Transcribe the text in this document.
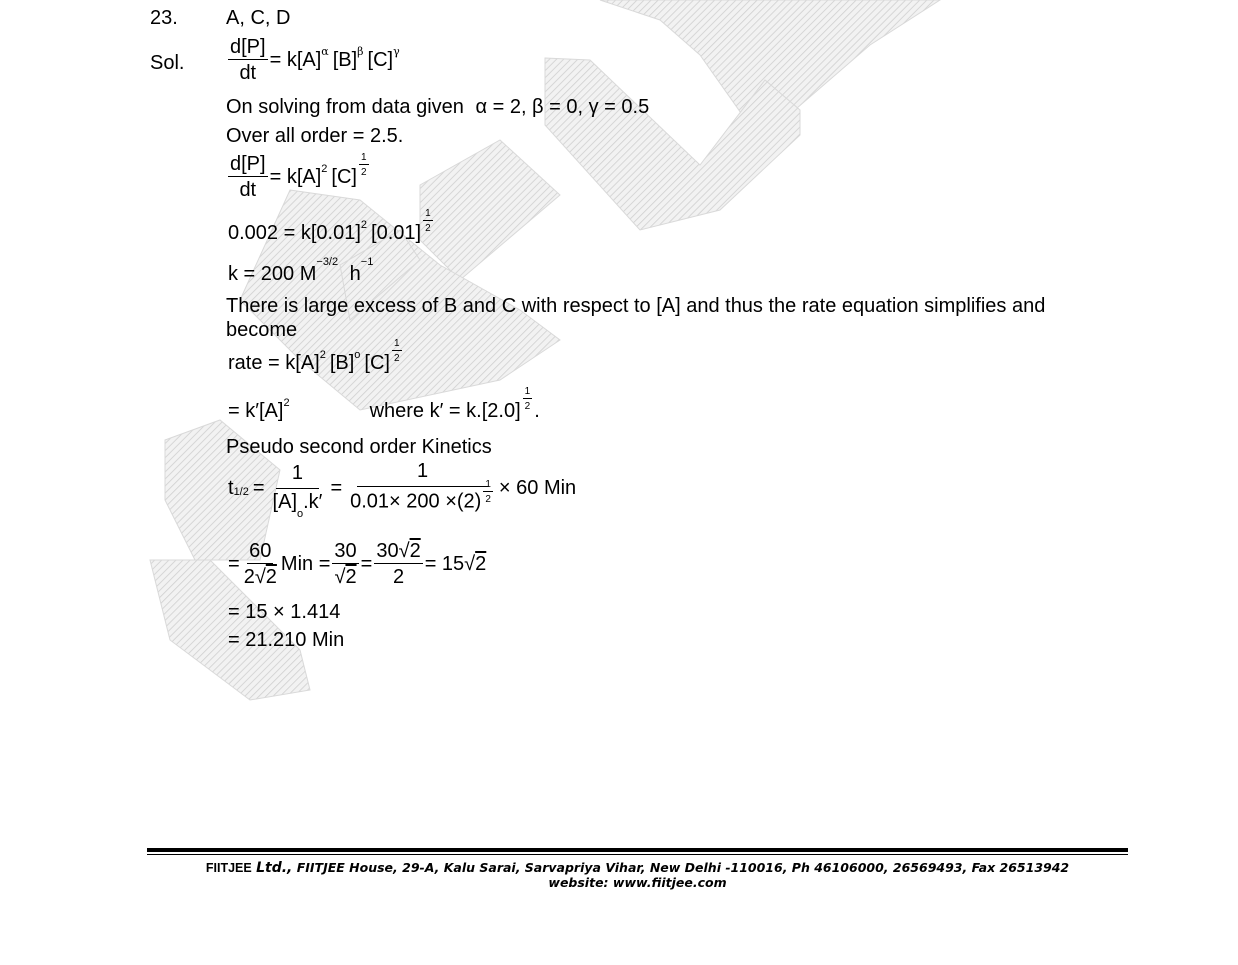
23. A, C, D
Sol. $\frac{d[P]}{dt} = k$ $[A]^\alpha$ $[B]^\beta$ $[C]^\gamma$
On solving from data given α = 2, β = 0, γ = 0.5
Over all order = 2.5.
$\frac{d[P]}{dt} = k[A]^2$ $[C] \frac{1}{2}$
$0.002 = k[0.01]^2$ $[0.01] \frac{1}{2}$
k = 200 $M^{-3/2}$ $h^{-1}$
There is large excess of B and C with respect to [A] and thus the rate equation simplifies and become
rate = $k[A]^2$ $[B]^o$ $[C] \frac{1}{2}$
= $k'[A]^2$	where $k' = k.[2.0] \frac{1}{2}$ .
Pseudo second order Kinetics
$t_{1/2} = \frac{1}{[A]_o.k'} = \frac{1}{0.01\times 200 \times(2) \frac{1}{2}} \times 60$ Min
= $\frac{60}{2√2}$ Min = $\frac{30}{√2} = \frac{30√2}{2} = 15$ √ 2
= 15 × 1.414
= 21.210 Min
FIITJEE Ltd., FIITJEE House, 29-A, Kalu Sarai, Sarvapriya Vihar, New Delhi -110016, Ph 46106000, 26569493, Fax 26513942
website: www.fiitjee.com
